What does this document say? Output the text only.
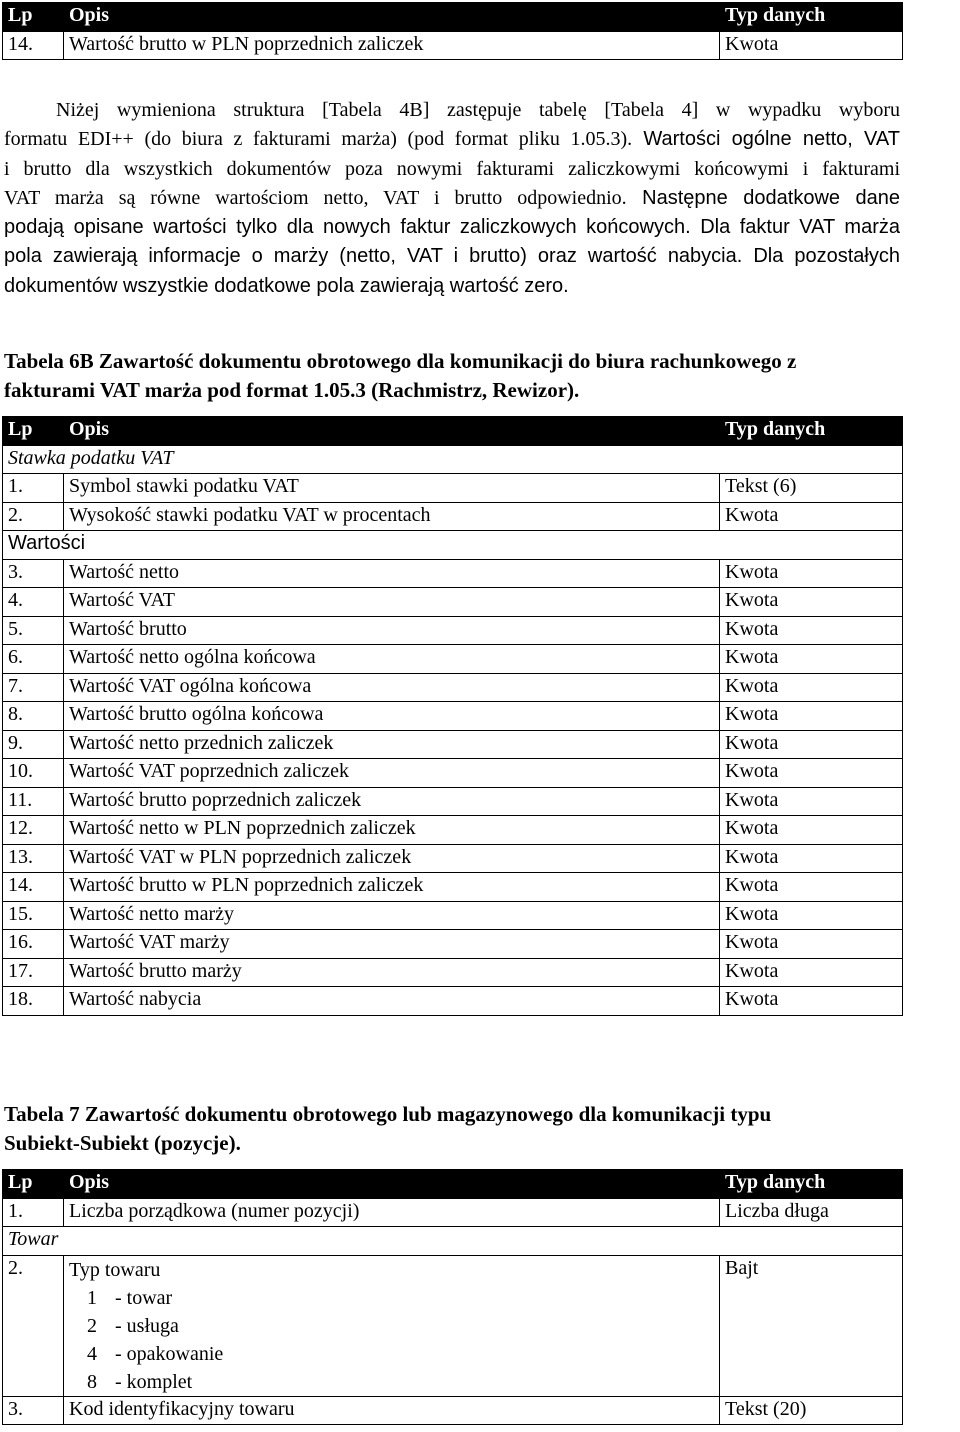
Lp	Opis	Typ danych
14.	Wartość brutto w PLN poprzednich zaliczek	Kwota
Niżej wymieniona struktura [Tabela 4B] zastępuje tabelę [Tabela 4] w wypadku wyboru
formatu EDI++ (do biura z fakturami marża) (pod format pliku 1.05.3). Wartości ogólne netto, VAT
i brutto dla wszystkich dokumentów poza nowymi fakturami zaliczkowymi końcowymi i fakturami
VAT marża są równe wartościom netto, VAT i brutto odpowiednio. Następne dodatkowe dane
podają opisane wartości tylko dla nowych faktur zaliczkowych końcowych. Dla faktur VAT marża
pola zawierają informacje o marży (netto, VAT i brutto) oraz wartość nabycia. Dla pozostałych
dokumentów wszystkie dodatkowe pola zawierają wartość zero.
Tabela 6B Zawartość dokumentu obrotowego dla komunikacji do biura rachunkowego z
fakturami VAT marża pod format 1.05.3 (Rachmistrz, Rewizor).
Lp	Opis	Typ danych
Stawka podatku VAT		
1.	Symbol stawki podatku VAT	Tekst (6)
2.	Wysokość stawki podatku VAT w procentach	Kwota
Wartości		
3.	Wartość netto	Kwota
4.	Wartość VAT	Kwota
5.	Wartość brutto	Kwota
6.	Wartość netto ogólna końcowa	Kwota
7.	Wartość VAT ogólna końcowa	Kwota
8.	Wartość brutto ogólna końcowa	Kwota
9.	Wartość netto przednich zaliczek	Kwota
10.	Wartość VAT poprzednich zaliczek	Kwota
11.	Wartość brutto poprzednich zaliczek	Kwota
12.	Wartość netto w PLN poprzednich zaliczek	Kwota
13.	Wartość VAT w PLN poprzednich zaliczek	Kwota
14.	Wartość brutto w PLN poprzednich zaliczek	Kwota
15.	Wartość netto marży	Kwota
16.	Wartość VAT marży	Kwota
17.	Wartość brutto marży	Kwota
18.	Wartość nabycia	Kwota
Tabela 7 Zawartość dokumentu obrotowego lub magazynowego dla komunikacji typu
Subiekt-Subiekt (pozycje).
Lp	Opis	Typ danych
1.	Liczba porządkowa (numer pozycji)	Liczba długa
Towar		
2.	Typ towaru
1 - towar
2 - usługa
4 - opakowanie
8 - komplet	Bajt
3.	Kod identyfikacyjny towaru	Tekst (20)
